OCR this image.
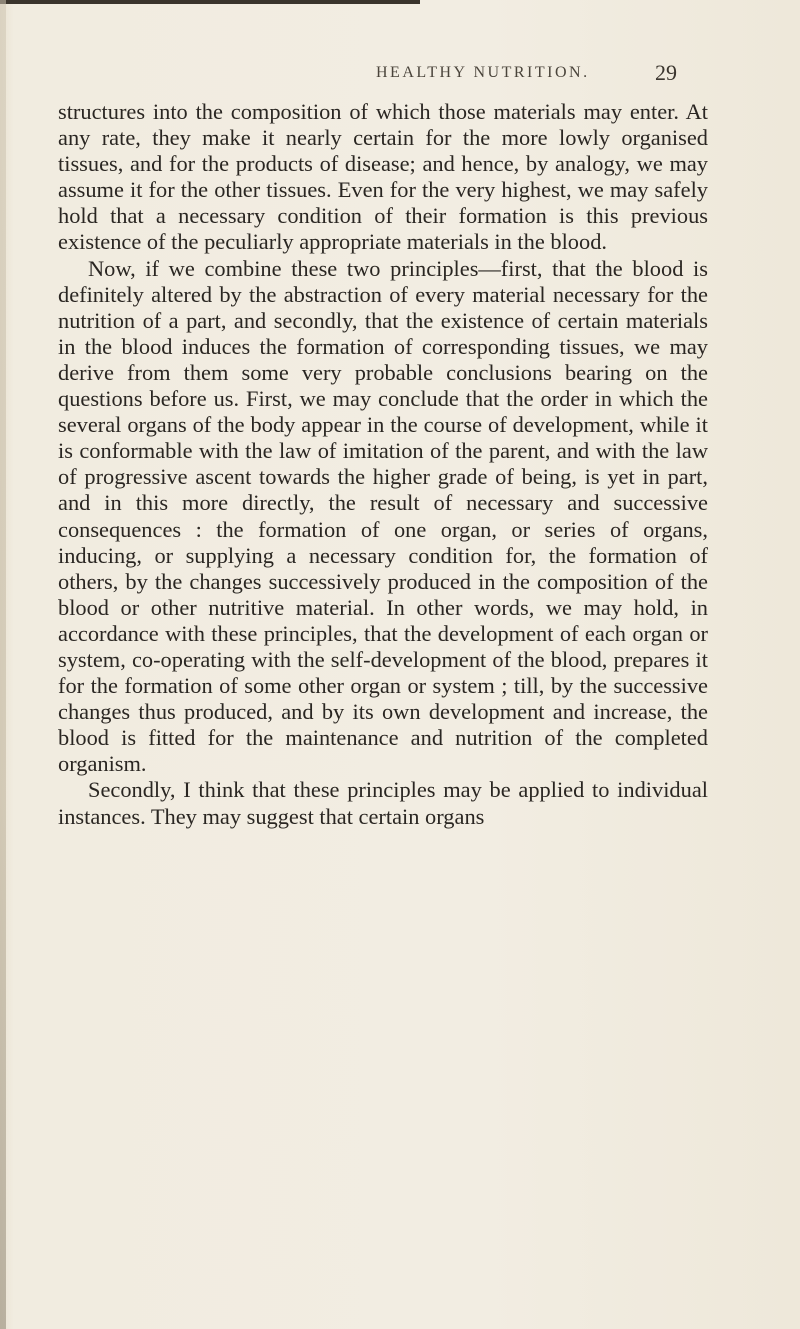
HEALTHY NUTRITION.	29

structures into the composition of which those materials may enter. At any rate, they make it nearly certain for the more lowly organised tissues, and for the products of disease; and hence, by analogy, we may assume it for the other tissues. Even for the very highest, we may safely hold that a necessary condition of their formation is this previous existence of the peculiarly appropriate materials in the blood.

Now, if we combine these two principles—first, that the blood is definitely altered by the abstraction of every material necessary for the nutrition of a part, and secondly, that the existence of certain materials in the blood induces the formation of corresponding tissues, we may derive from them some very probable conclusions bearing on the questions before us. First, we may conclude that the order in which the several organs of the body appear in the course of development, while it is conformable with the law of imitation of the parent, and with the law of progressive ascent towards the higher grade of being, is yet in part, and in this more directly, the result of necessary and successive consequences : the formation of one organ, or series of organs, inducing, or supplying a necessary condition for, the formation of others, by the changes successively produced in the composition of the blood or other nutritive material. In other words, we may hold, in accordance with these principles, that the development of each organ or system, co-operating with the self-development of the blood, prepares it for the formation of some other organ or system ; till, by the successive changes thus produced, and by its own development and increase, the blood is fitted for the maintenance and nutrition of the completed organism.

Secondly, I think that these principles may be applied to individual instances. They may suggest that certain organs
